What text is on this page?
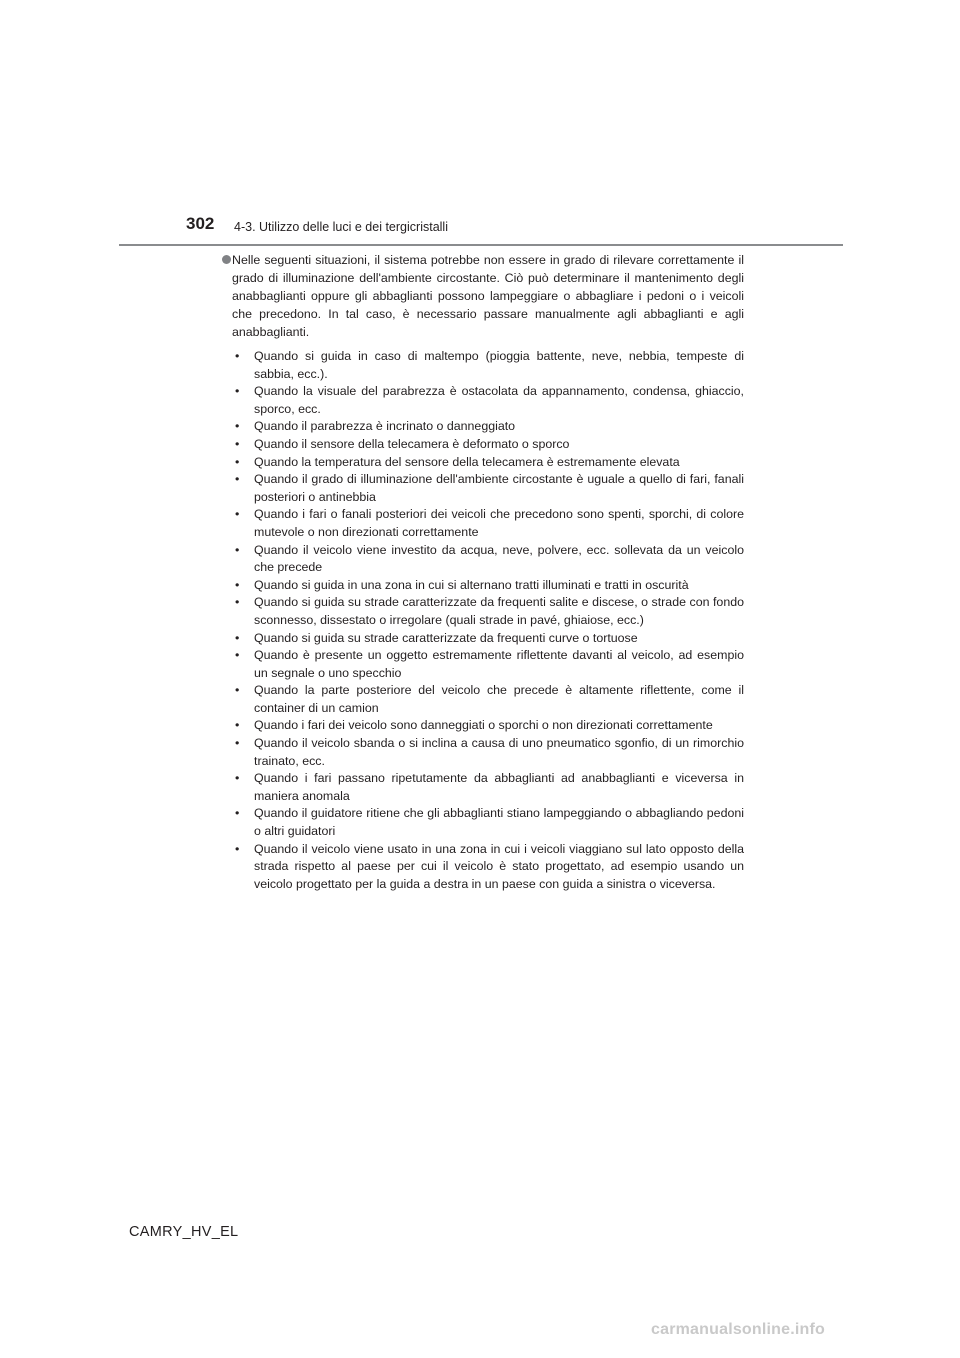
302 4-3. Utilizzo delle luci e dei tergicristalli

Nelle seguenti situazioni, il sistema potrebbe non essere in grado di rilevare correttamente il grado di illuminazione dell'ambiente circostante. Ciò può determinare il mantenimento degli anabbaglianti oppure gli abbaglianti possono lampeggiare o abbagliare i pedoni o i veicoli che precedono. In tal caso, è necessario passare manualmente agli abbaglianti e agli anabbaglianti.

• Quando si guida in caso di maltempo (pioggia battente, neve, nebbia, tempeste di sabbia, ecc.).
• Quando la visuale del parabrezza è ostacolata da appannamento, condensa, ghiaccio, sporco, ecc.
• Quando il parabrezza è incrinato o danneggiato
• Quando il sensore della telecamera è deformato o sporco
• Quando la temperatura del sensore della telecamera è estremamente elevata
• Quando il grado di illuminazione dell'ambiente circostante è uguale a quello di fari, fanali posteriori o antinebbia
• Quando i fari o fanali posteriori dei veicoli che precedono sono spenti, sporchi, di colore mutevole o non direzionati correttamente
• Quando il veicolo viene investito da acqua, neve, polvere, ecc. sollevata da un veicolo che precede
• Quando si guida in una zona in cui si alternano tratti illuminati e tratti in oscurità
• Quando si guida su strade caratterizzate da frequenti salite e discese, o strade con fondo sconnesso, dissestato o irregolare (quali strade in pavé, ghiaiose, ecc.)
• Quando si guida su strade caratterizzate da frequenti curve o tortuose
• Quando è presente un oggetto estremamente riflettente davanti al veicolo, ad esempio un segnale o uno specchio
• Quando la parte posteriore del veicolo che precede è altamente riflettente, come il container di un camion
• Quando i fari dei veicolo sono danneggiati o sporchi o non direzionati correttamente
• Quando il veicolo sbanda o si inclina a causa di uno pneumatico sgonfio, di un rimorchio trainato, ecc.
• Quando i fari passano ripetutamente da abbaglianti ad anabbaglianti e viceversa in maniera anomala
• Quando il guidatore ritiene che gli abbaglianti stiano lampeggiando o abbagliando pedoni o altri guidatori
• Quando il veicolo viene usato in una zona in cui i veicoli viaggiano sul lato opposto della strada rispetto al paese per cui il veicolo è stato progettato, ad esempio usando un veicolo progettato per la guida a destra in un paese con guida a sinistra o viceversa.
CAMRY_HV_EL
carmanualsonline.info
